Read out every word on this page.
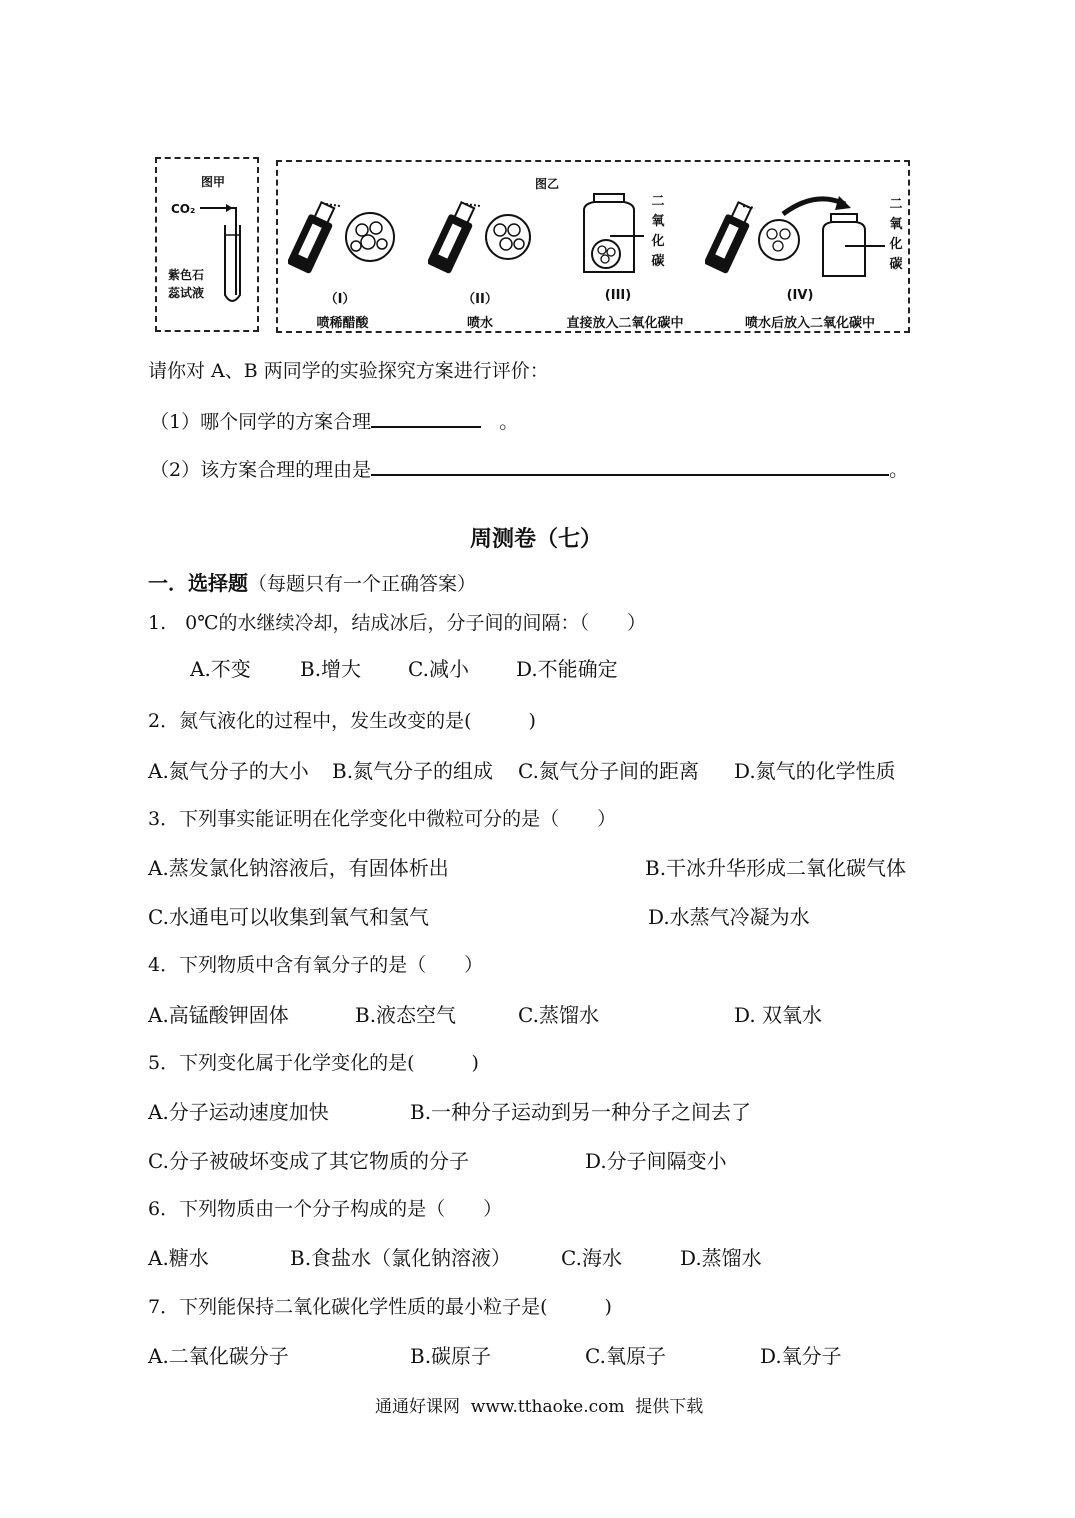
图甲
CO₂
紫色石蕊试液
图乙
二氧化碳
二氧化碳
（I）	（II）	(III)	(IV)
喷稀醋酸	喷水	直接放入二氧化碳中	喷水后放入二氧化碳中
请你对 A、B 两同学的实验探究方案进行评价：
（1）哪个同学的方案合理	。
（2）该方案合理的理由是	。
周测卷（七）
一．选择题（每题只有一个正确答案）
1.　0℃的水继续冷却，结成冰后，分子间的间隔：（　　）
A.不变 B.增大 C.减小 D.不能确定
2．氮气液化的过程中，发生改变的是(　　　)
A.氮气分子的大小 B.氮气分子的组成 C.氮气分子间的距离 D.氮气的化学性质
3．下列事实能证明在化学变化中微粒可分的是（　　）
A.蒸发氯化钠溶液后，有固体析出	B.干冰升华形成二氧化碳气体
C.水通电可以收集到氧气和氢气	D.水蒸气冷凝为水
4．下列物质中含有氧分子的是（　　）
A.高锰酸钾固体	B.液态空气	C.蒸馏水	D. 双氧水
5．下列变化属于化学变化的是(　　　)
A.分子运动速度加快	B.一种分子运动到另一种分子之间去了
C.分子被破坏变成了其它物质的分子	D.分子间隔变小
6．下列物质由一个分子构成的是（　　）
A.糖水	B.食盐水（氯化钠溶液） C.海水	D.蒸馏水
7．下列能保持二氧化碳化学性质的最小粒子是(　　　)
A.二氧化碳分子	B.碳原子	C.氧原子	D.氧分子
通通好课网  www.tthaoke.com  提供下载
